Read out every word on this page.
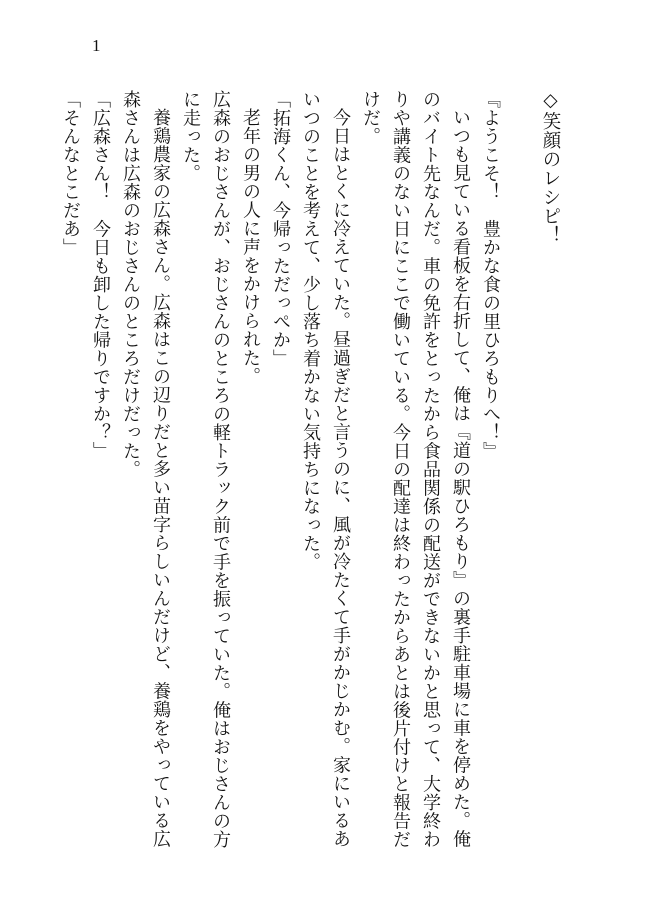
1

◇笑顔のレシピ！

『ようこそ！　豊かな食の里ひろもりへ！』

いつも見ている看板を右折して、俺は『道の駅ひろもり』の裏手駐車場に車を停めた。俺のバイト先なんだ。車の免許をとったから食品関係の配送ができないかと思って、大学終わりや講義のない日にここで働いている。今日の配達は終わったからあとは後片付けと報告だけだ。

今日はとくに冷えていた。昼過ぎだと言うのに、風が冷たくて手がかじかむ。家にいるあいつのことを考えて、少し落ち着かない気持ちになった。

「拓海くん、今帰っただっぺか」

老年の男の人に声をかけられた。

広森のおじさんが、おじさんのところの軽トラック前で手を振っていた。俺はおじさんの方に走った。

養鶏農家の広森さん。広森はこの辺りだと多い苗字らしいんだけど、養鶏をやっている広森さんは広森のおじさんのところだけだった。

「広森さん！　今日も卸した帰りですか？」

「そんなとこだあ」
